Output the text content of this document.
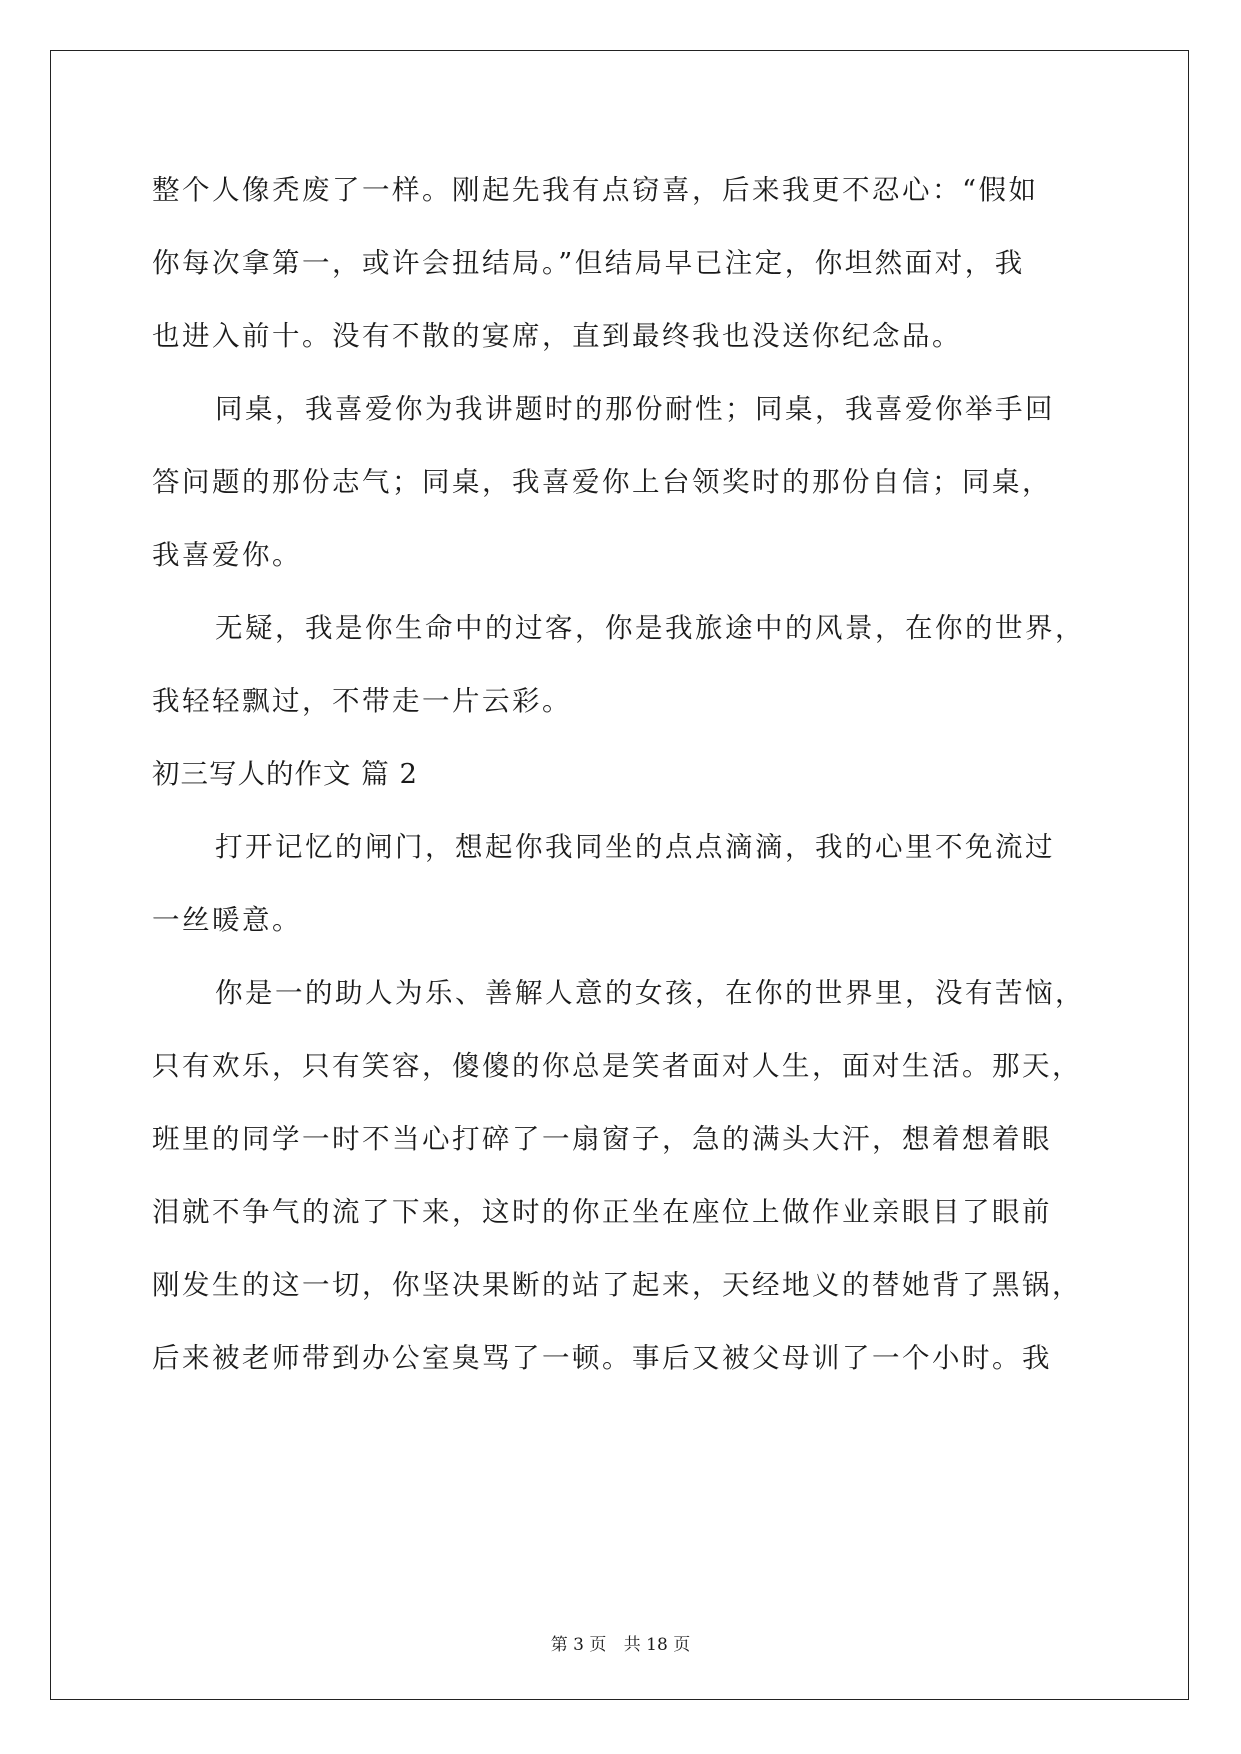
整个人像秃废了一样。刚起先我有点窃喜，后来我更不忍心：“假如
你每次拿第一，或许会扭结局。”但结局早已注定，你坦然面对，我
也进入前十。没有不散的宴席，直到最终我也没送你纪念品。
同桌，我喜爱你为我讲题时的那份耐性；同桌，我喜爱你举手回
答问题的那份志气；同桌，我喜爱你上台领奖时的那份自信；同桌，
我喜爱你。
无疑，我是你生命中的过客，你是我旅途中的风景，在你的世界，
我轻轻飘过，不带走一片云彩。
初三写人的作文 篇 2
打开记忆的闸门，想起你我同坐的点点滴滴，我的心里不免流过
一丝暖意。
你是一的助人为乐、善解人意的女孩，在你的世界里，没有苦恼，
只有欢乐，只有笑容，傻傻的你总是笑者面对人生，面对生活。那天，
班里的同学一时不当心打碎了一扇窗子，急的满头大汗，想着想着眼
泪就不争气的流了下来，这时的你正坐在座位上做作业亲眼目了眼前
刚发生的这一切，你坚决果断的站了起来，天经地义的替她背了黑锅，
后来被老师带到办公室臭骂了一顿。事后又被父母训了一个小时。我
第 3 页 共 18 页
